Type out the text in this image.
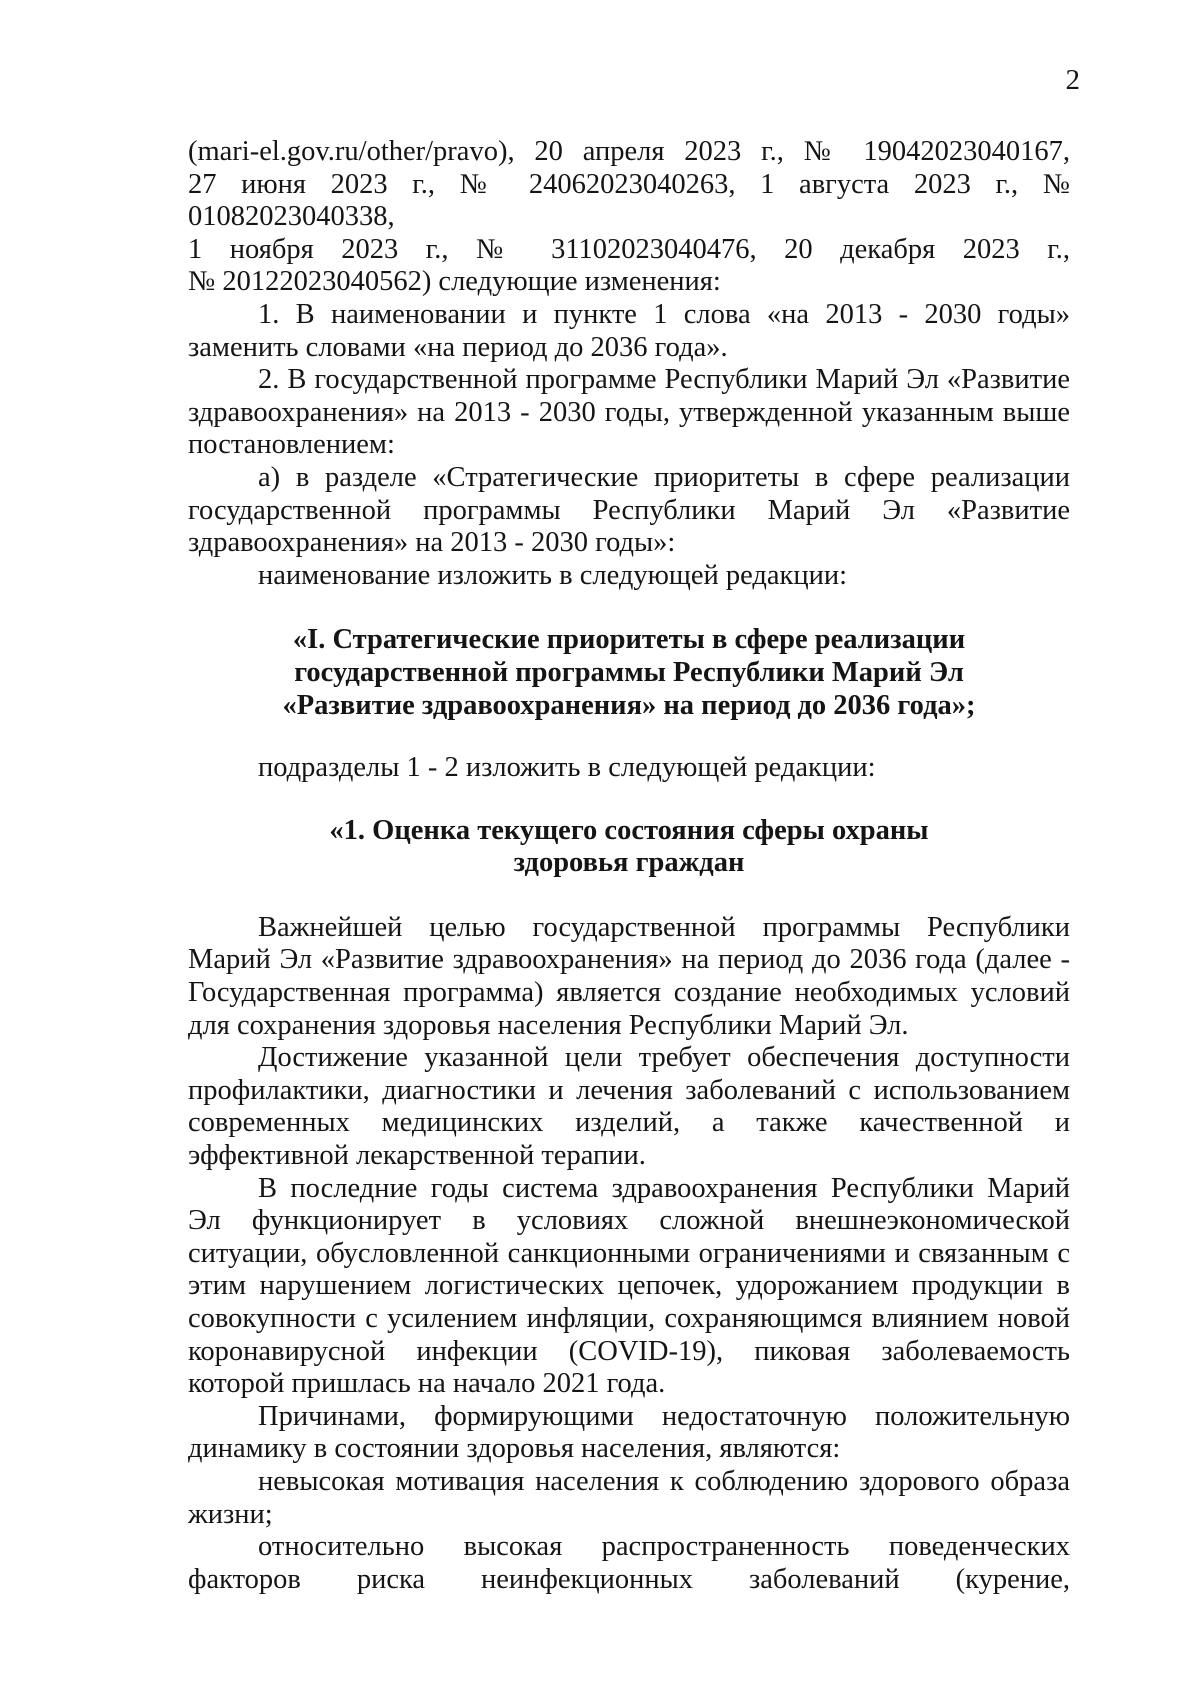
2
(mari-el.gov.ru/other/pravo), 20 апреля 2023 г., № 19042023040167,
27 июня 2023 г., № 24062023040263, 1 августа 2023 г., № 01082023040338,
1 ноября 2023 г., № 31102023040476, 20 декабря 2023 г.,
№ 20122023040562) следующие изменения:
1. В наименовании и пункте 1 слова «на 2013 - 2030 годы» заменить словами «на период до 2036 года».
2. В государственной программе Республики Марий Эл «Развитие здравоохранения» на 2013 - 2030 годы, утвержденной указанным выше постановлением:
а) в разделе «Стратегические приоритеты в сфере реализации государственной программы Республики Марий Эл «Развитие здравоохранения» на 2013 - 2030 годы»:
наименование изложить в следующей редакции:
«I. Стратегические приоритеты в сфере реализации
государственной программы Республики Марий Эл
«Развитие здравоохранения» на период до 2036 года»;
подразделы 1 - 2 изложить в следующей редакции:
«1. Оценка текущего состояния сферы охраны
здоровья граждан
Важнейшей целью государственной программы Республики Марий Эл «Развитие здравоохранения» на период до 2036 года (далее - Государственная программа) является создание необходимых условий для сохранения здоровья населения Республики Марий Эл.
Достижение указанной цели требует обеспечения доступности профилактики, диагностики и лечения заболеваний с использованием современных медицинских изделий, а также качественной и эффективной лекарственной терапии.
В последние годы система здравоохранения Республики Марий Эл функционирует в условиях сложной внешнеэкономической ситуации, обусловленной санкционными ограничениями и связанным с этим нарушением логистических цепочек, удорожанием продукции в совокупности с усилением инфляции, сохраняющимся влиянием новой коронавирусной инфекции (COVID-19), пиковая заболеваемость которой пришлась на начало 2021 года.
Причинами, формирующими недостаточную положительную динамику в состоянии здоровья населения, являются:
невысокая мотивация населения к соблюдению здорового образа жизни;
относительно высокая распространенность поведенческих факторов риска неинфекционных заболеваний (курение,
